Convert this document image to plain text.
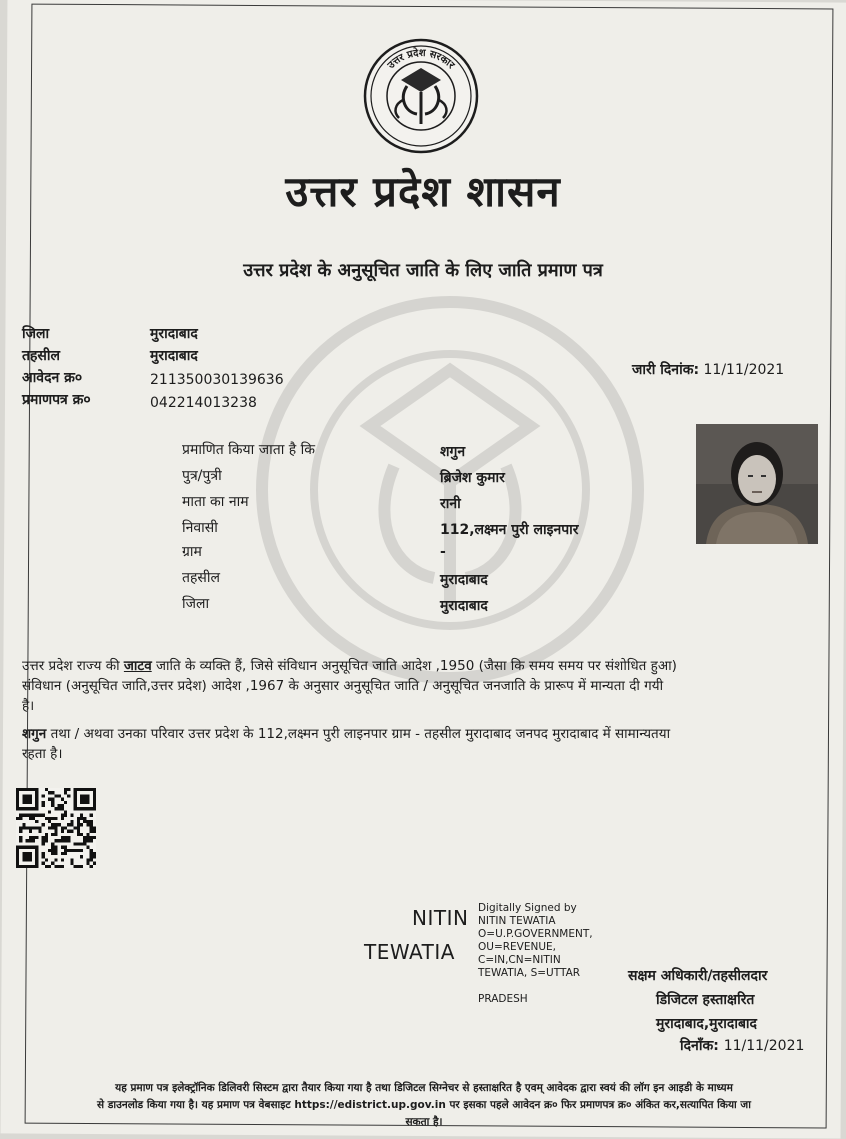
उत्तर प्रदेश सरकार
उत्तर प्रदेश शासन
उत्तर प्रदेश के अनुसूचित जाति के लिए जाति प्रमाण पत्र
जिला	मुरादाबाद
तहसील	मुरादाबाद
आवेदन क्र०	211350030139636
प्रमाणपत्र क्र०	042214013238
जारी दिनांक: 11/11/2021
प्रमाणित किया जाता है कि	शगुन
पुत्र/पुत्री	ब्रिजेश कुमार
माता का नाम	रानी
निवासी	112,लक्ष्मन पुरी लाइनपार
ग्राम	-
तहसील	मुरादाबाद
जिला	मुरादाबाद
उत्तर प्रदेश राज्य की जाटव जाति के व्यक्ति हैं, जिसे संविधान अनुसूचित जाति आदेश ,1950 (जैसा कि समय समय पर संशोधित हुआ)
संविधान (अनुसूचित जाति,उत्तर प्रदेश) आदेश ,1967 के अनुसार अनुसूचित जाति / अनुसूचित जनजाति के प्रारूप में मान्यता दी गयी
है।
शगुन तथा / अथवा उनका परिवार उत्तर प्रदेश के 112,लक्ष्मन पुरी लाइनपार ग्राम - तहसील मुरादाबाद जनपद मुरादाबाद में सामान्यतया
रहता है।
NITIN
TEWATIA
Digitally Signed by
NITIN TEWATIA
O=U.P.GOVERNMENT,
OU=REVENUE,
C=IN,CN=NITIN
TEWATIA, S=UTTAR
PRADESH
सक्षम अधिकारी/तहसीलदार
डिजिटल हस्ताक्षरित
मुरादाबाद,मुरादाबाद
दिनाँक: 11/11/2021
यह प्रमाण पत्र इलेक्ट्रॉनिक डिलिवरी सिस्टम द्वारा तैयार किया गया है तथा डिजिटल सिग्नेचर से हस्ताक्षरित है एवम् आवेदक द्वारा स्वयं की लॉग इन आइडी के माध्यम
से डाउनलोड किया गया है। यह प्रमाण पत्र वेबसाइट https://edistrict.up.gov.in पर इसका पहले आवेदन क्र० फिर प्रमाणपत्र क्र० अंकित कर,सत्यापित किया जा
सकता है।
